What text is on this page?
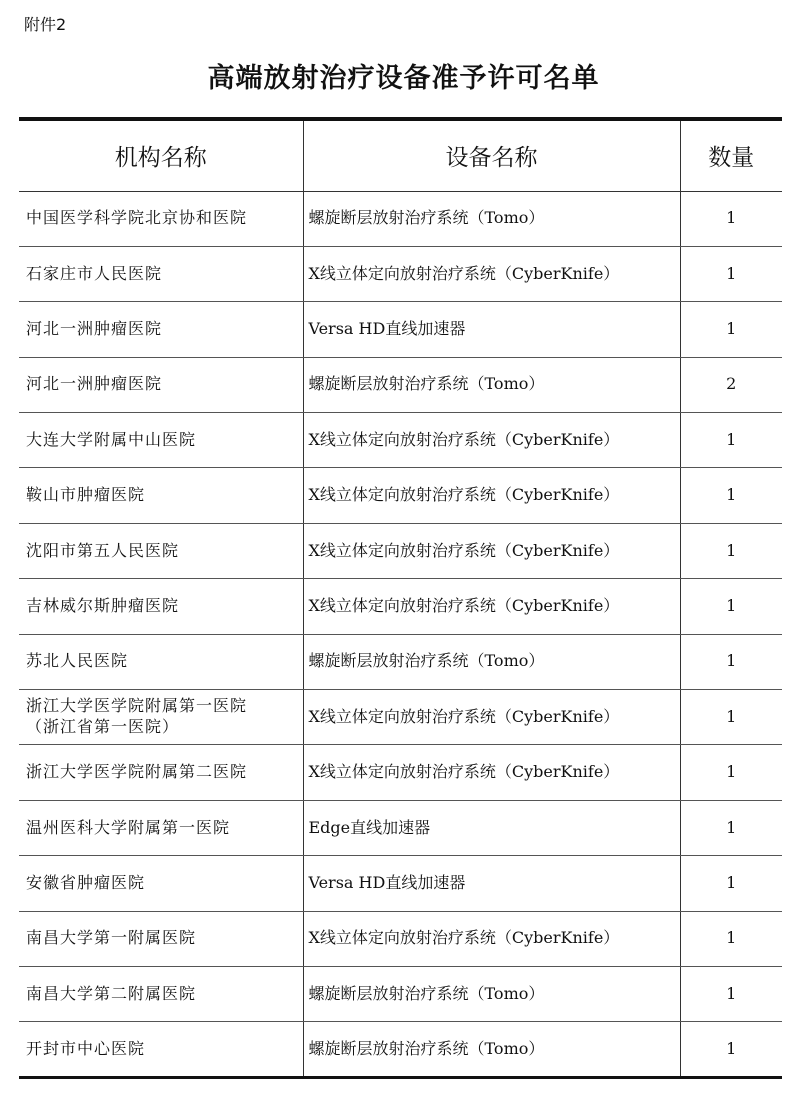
附件2
高端放射治疗设备准予许可名单
机构名称	设备名称	数量

中国医学科学院北京协和医院	螺旋断层放射治疗系统（Tomo）	1

石家庄市人民医院	X线立体定向放射治疗系统（CyberKnife）	1

河北一洲肿瘤医院	Versa HD直线加速器	1

河北一洲肿瘤医院	螺旋断层放射治疗系统（Tomo）	2

大连大学附属中山医院	X线立体定向放射治疗系统（CyberKnife）	1

鞍山市肿瘤医院	X线立体定向放射治疗系统（CyberKnife）	1

沈阳市第五人民医院	X线立体定向放射治疗系统（CyberKnife）	1

吉林威尔斯肿瘤医院	X线立体定向放射治疗系统（CyberKnife）	1

苏北人民医院	螺旋断层放射治疗系统（Tomo）	1

浙江大学医学院附属第一医院
（浙江省第一医院）	X线立体定向放射治疗系统（CyberKnife）	1

浙江大学医学院附属第二医院	X线立体定向放射治疗系统（CyberKnife）	1

温州医科大学附属第一医院	Edge直线加速器	1

安徽省肿瘤医院	Versa HD直线加速器	1

南昌大学第一附属医院	X线立体定向放射治疗系统（CyberKnife）	1

南昌大学第二附属医院	螺旋断层放射治疗系统（Tomo）	1

开封市中心医院	螺旋断层放射治疗系统（Tomo）	1
